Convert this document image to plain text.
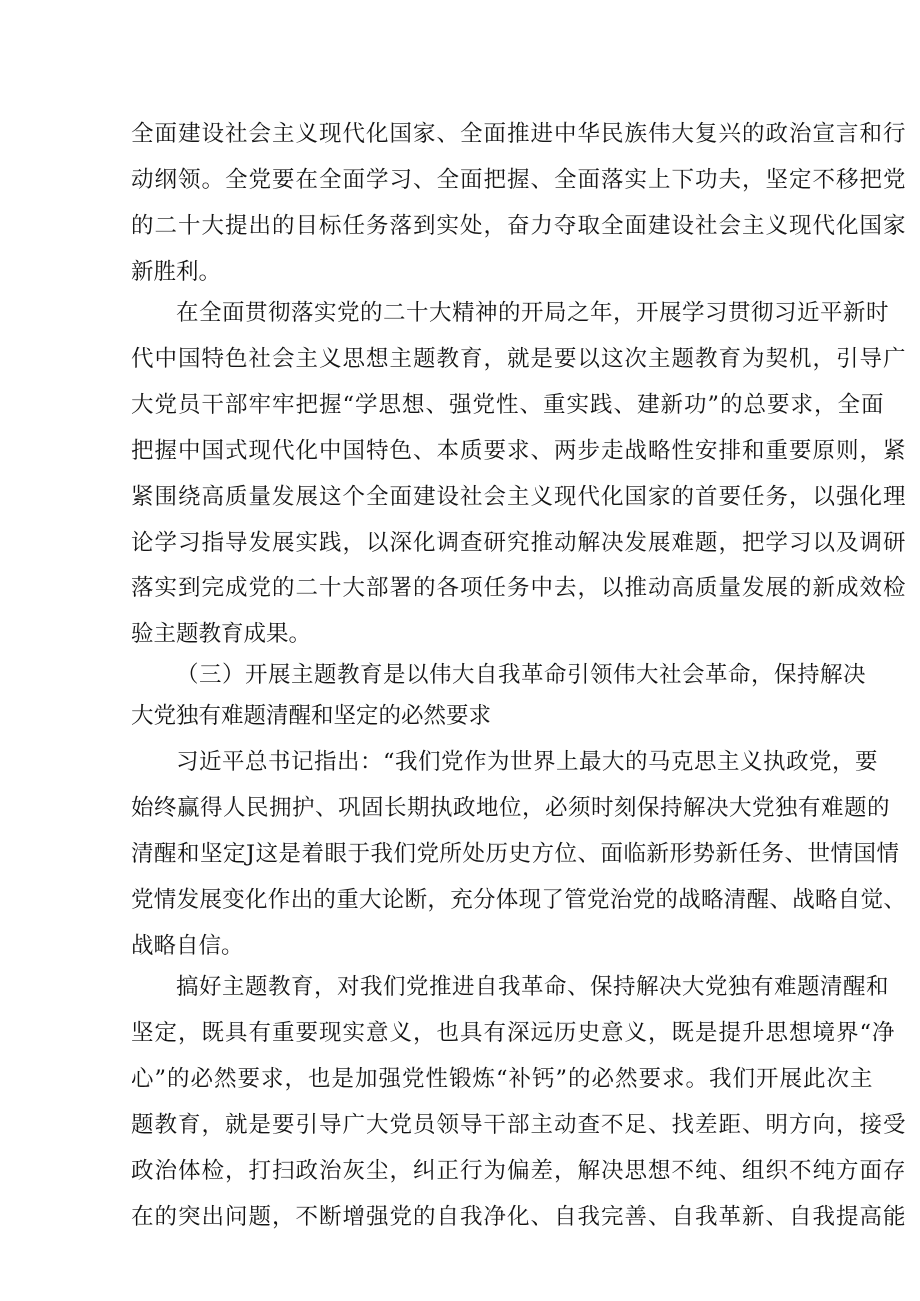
全面建设社会主义现代化国家、全面推进中华民族伟大复兴的政治宣言和行
动纲领。全党要在全面学习、全面把握、全面落实上下功夫，坚定不移把党
的二十大提出的目标任务落到实处，奋力夺取全面建设社会主义现代化国家
新胜利。
在全面贯彻落实党的二十大精神的开局之年，开展学习贯彻习近平新时
代中国特色社会主义思想主题教育，就是要以这次主题教育为契机，引导广
大党员干部牢牢把握“学思想、强党性、重实践、建新功”的总要求，全面
把握中国式现代化中国特色、本质要求、两步走战略性安排和重要原则，紧
紧围绕高质量发展这个全面建设社会主义现代化国家的首要任务，以强化理
论学习指导发展实践，以深化调查研究推动解决发展难题，把学习以及调研
落实到完成党的二十大部署的各项任务中去，以推动高质量发展的新成效检
验主题教育成果。
（三）开展主题教育是以伟大自我革命引领伟大社会革命，保持解决
大党独有难题清醒和坚定的必然要求
习近平总书记指出：“我们党作为世界上最大的马克思主义执政党，要
始终赢得人民拥护、巩固长期执政地位，必须时刻保持解决大党独有难题的
清醒和坚定J这是着眼于我们党所处历史方位、面临新形势新任务、世情国情
党情发展变化作出的重大论断，充分体现了管党治党的战略清醒、战略自觉、
战略自信。
搞好主题教育，对我们党推进自我革命、保持解决大党独有难题清醒和
坚定，既具有重要现实意义，也具有深远历史意义，既是提升思想境界“净
心”的必然要求，也是加强党性锻炼“补钙”的必然要求。我们开展此次主
题教育，就是要引导广大党员领导干部主动查不足、找差距、明方向，接受
政治体检，打扫政治灰尘，纠正行为偏差，解决思想不纯、组织不纯方面存
在的突出问题，不断增强党的自我净化、自我完善、自我革新、自我提高能
